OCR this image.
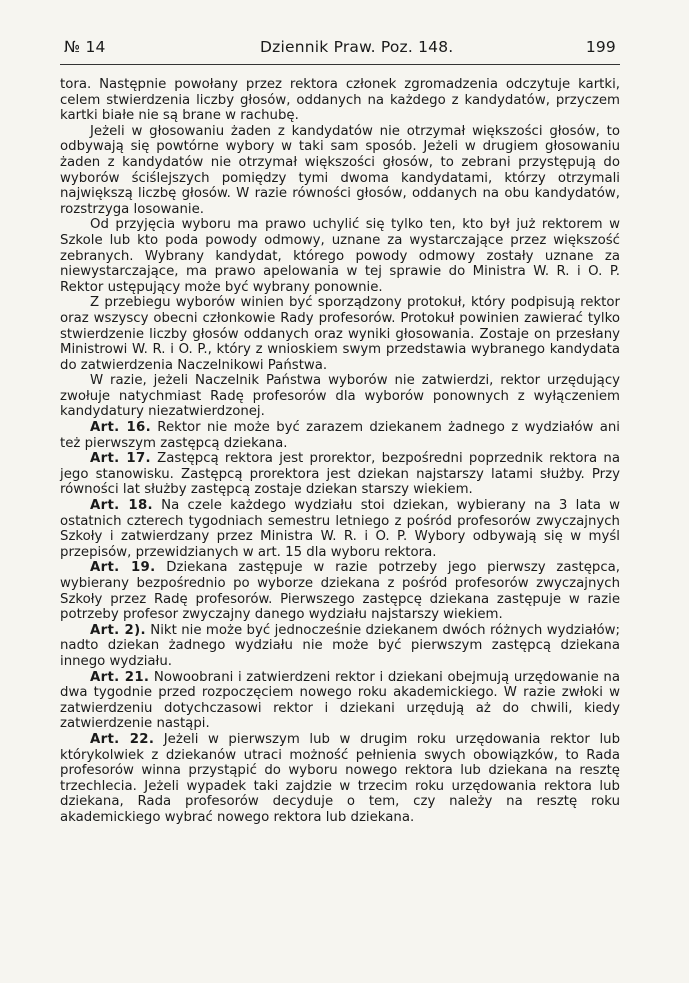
№ 14	Dziennik Praw. Poz. 148.	199

tora. Następnie powołany przez rektora członek zgromadzenia odczytuje kartki, celem stwierdzenia liczby głosów, oddanych na każdego z kandydatów, przyczem kartki białe nie są brane w rachubę.

Jeżeli w głosowaniu żaden z kandydatów nie otrzymał większości głosów, to odbywają się powtórne wybory w taki sam sposób. Jeżeli w drugiem głosowaniu żaden z kandydatów nie otrzymał większości głosów, to zebrani przystępują do wyborów ściślejszych pomiędzy tymi dwoma kandydatami, którzy otrzymali największą liczbę głosów. W razie równości głosów, oddanych na obu kandydatów, rozstrzyga losowanie.

Od przyjęcia wyboru ma prawo uchylić się tylko ten, kto był już rektorem w Szkole lub kto poda powody odmowy, uznane za wystarczające przez większość zebranych. Wybrany kandydat, którego powody odmowy zostały uznane za niewystarczające, ma prawo apelowania w tej sprawie do Ministra W. R. i O. P. Rektor ustępujący może być wybrany ponownie.

Z przebiegu wyborów winien być sporządzony protokuł, który podpisują rektor oraz wszyscy obecni członkowie Rady profesorów. Protokuł powinien zawierać tylko stwierdzenie liczby głosów oddanych oraz wyniki głosowania. Zostaje on przesłany Ministrowi W. R. i O. P., który z wnioskiem swym przedstawia wybranego kandydata do zatwierdzenia Naczelnikowi Państwa.

W razie, jeżeli Naczelnik Państwa wyborów nie zatwierdzi, rektor urzędujący zwołuje natychmiast Radę profesorów dla wyborów ponownych z wyłączeniem kandydatury niezatwierdzonej.

Art. 16. Rektor nie może być zarazem dziekanem żadnego z wydziałów ani też pierwszym zastępcą dziekana.

Art. 17. Zastępcą rektora jest prorektor, bezpośredni poprzednik rektora na jego stanowisku. Zastępcą prorektora jest dziekan najstarszy latami służby. Przy równości lat służby zastępcą zostaje dziekan starszy wiekiem.

Art. 18. Na czele każdego wydziału stoi dziekan, wybierany na 3 lata w ostatnich czterech tygodniach semestru letniego z pośród profesorów zwyczajnych Szkoły i zatwierdzany przez Ministra W. R. i O. P. Wybory odbywają się w myśl przepisów, przewidzianych w art. 15 dla wyboru rektora.

Art. 19. Dziekana zastępuje w razie potrzeby jego pierwszy zastępca, wybierany bezpośrednio po wyborze dziekana z pośród profesorów zwyczajnych Szkoły przez Radę profesorów. Pierwszego zastępcę dziekana zastępuje w razie potrzeby profesor zwyczajny danego wydziału najstarszy wiekiem.

Art. 2). Nikt nie może być jednocześnie dziekanem dwóch różnych wydziałów; nadto dziekan żadnego wydziału nie może być pierwszym zastępcą dziekana innego wydziału.

Art. 21. Nowoobrani i zatwierdzeni rektor i dziekani obejmują urzędowanie na dwa tygodnie przed rozpoczęciem nowego roku akademickiego. W razie zwłoki w zatwierdzeniu dotychczasowi rektor i dziekani urzędują aż do chwili, kiedy zatwierdzenie nastąpi.

Art. 22. Jeżeli w pierwszym lub w drugim roku urzędowania rektor lub którykolwiek z dziekanów utraci możność pełnienia swych obowiązków, to Rada profesorów winna przystąpić do wyboru nowego rektora lub dziekana na resztę trzechlecia. Jeżeli wypadek taki zajdzie w trzecim roku urzędowania rektora lub dziekana, Rada profesorów decyduje o tem, czy należy na resztę roku akademickiego wybrać nowego rektora lub dziekana.
